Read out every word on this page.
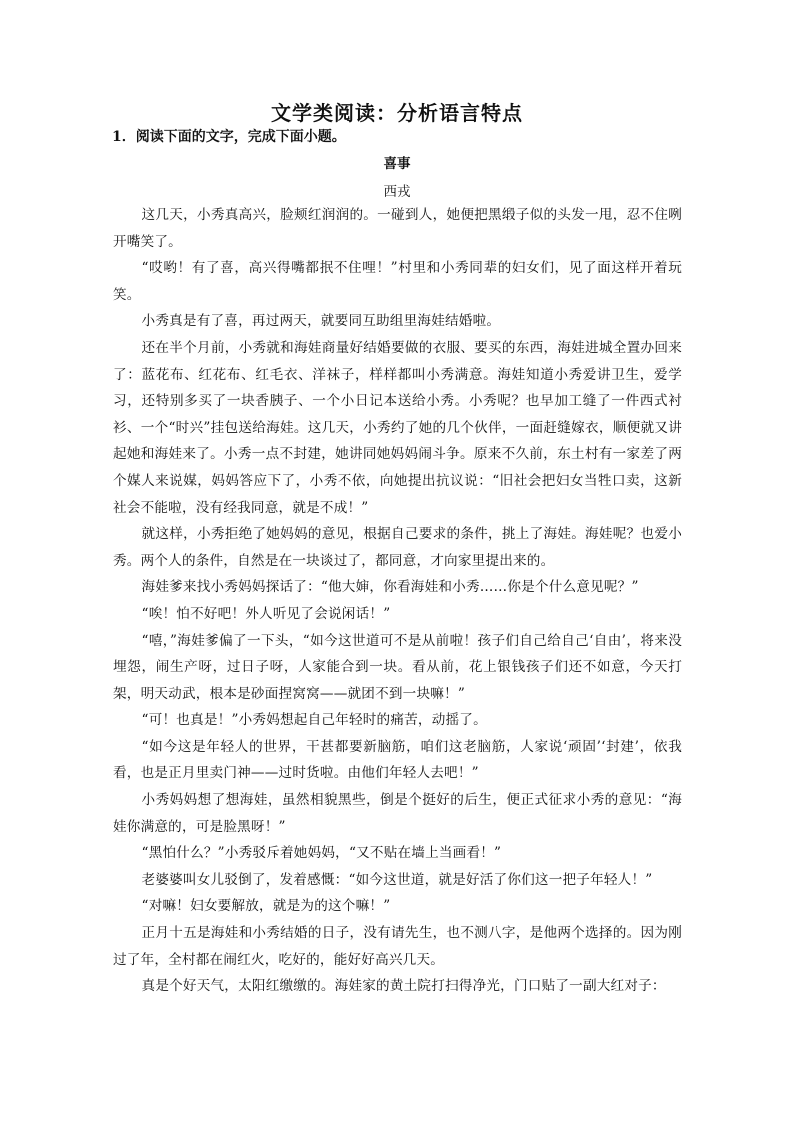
文学类阅读：分析语言特点
1．阅读下面的文字，完成下面小题。
喜事
西戎

这几天，小秀真高兴，脸颊红润润的。一碰到人，她便把黑缎子似的头发一甩，忍不住咧开嘴笑了。

“哎哟！有了喜，高兴得嘴都抿不住哩！”村里和小秀同辈的妇女们，见了面这样开着玩笑。

小秀真是有了喜，再过两天，就要同互助组里海娃结婚啦。

还在半个月前，小秀就和海娃商量好结婚要做的衣服、要买的东西，海娃进城全置办回来了：蓝花布、红花布、红毛衣、洋袜子，样样都叫小秀满意。海娃知道小秀爱讲卫生，爱学习，还特别多买了一块香胰子、一个小日记本送给小秀。小秀呢？也早加工缝了一件西式衬衫、一个“时兴”挂包送给海娃。这几天，小秀约了她的几个伙伴，一面赶缝嫁衣，顺便就又讲起她和海娃来了。小秀一点不封建，她讲同她妈妈闹斗争。原来不久前，东土村有一家差了两个媒人来说媒，妈妈答应下了，小秀不依，向她提出抗议说：“旧社会把妇女当牲口卖，这新社会不能啦，没有经我同意，就是不成！”

就这样，小秀拒绝了她妈妈的意见，根据自己要求的条件，挑上了海娃。海娃呢？也爱小秀。两个人的条件，自然是在一块谈过了，都同意，才向家里提出来的。

海娃爹来找小秀妈妈探话了：“他大婶，你看海娃和小秀……你是个什么意见呢？”

“唉！怕不好吧！外人听见了会说闲话！”

“嘻，”海娃爹偏了一下头，“如今这世道可不是从前啦！孩子们自己给自己‘自由’，将来没埋怨，闹生产呀，过日子呀，人家能合到一块。看从前，花上银钱孩子们还不如意，今天打架，明天动武，根本是砂面捏窝窝——就团不到一块嘛！”

“可！也真是！”小秀妈想起自己年轻时的痛苦，动摇了。

“如今这是年轻人的世界，干甚都要新脑筋，咱们这老脑筋，人家说‘顽固’‘封建’，依我看，也是正月里卖门神——过时货啦。由他们年轻人去吧！”

小秀妈妈想了想海娃，虽然相貌黑些，倒是个挺好的后生，便正式征求小秀的意见：“海娃你满意的，可是脸黑呀！”

“黑怕什么？”小秀驳斥着她妈妈，“又不贴在墙上当画看！”

老婆婆叫女儿驳倒了，发着感慨：“如今这世道，就是好活了你们这一把子年轻人！”

“对嘛！妇女要解放，就是为的这个嘛！”

正月十五是海娃和小秀结婚的日子，没有请先生，也不测八字，是他两个选择的。因为刚过了年，全村都在闹红火，吃好的，能好好高兴几天。

真是个好天气，太阳红缴缴的。海娃家的黄土院打扫得净光，门口贴了一副大红对子：
